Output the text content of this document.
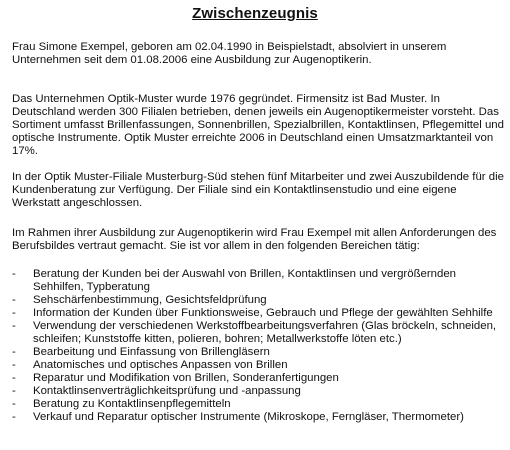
Zwischenzeugnis

Frau Simone Exempel, geboren am 02.04.1990 in Beispielstadt, absolviert in unserem Unternehmen seit dem 01.08.2006 eine Ausbildung zur Augenoptikerin.

Das Unternehmen Optik-Muster wurde 1976 gegründet. Firmensitz ist Bad Muster. In Deutschland werden 300 Filialen betrieben, denen jeweils ein Augenoptikermeister vorsteht. Das Sortiment umfasst Brillenfassungen, Sonnenbrillen, Spezialbrillen, Kontaktlinsen, Pflegemittel und optische Instrumente. Optik Muster erreichte 2006 in Deutschland einen Umsatzmarktanteil von 17%.

In der Optik Muster-Filiale Musterburg-Süd stehen fünf Mitarbeiter und zwei Auszubildende für die Kundenberatung zur Verfügung. Der Filiale sind ein Kontaktlinsenstudio und eine eigene Werkstatt angeschlossen.

Im Rahmen ihrer Ausbildung zur Augenoptikerin wird Frau Exempel mit allen Anforderungen des Berufsbildes vertraut gemacht. Sie ist vor allem in den folgenden Bereichen tätig:

- Beratung der Kunden bei der Auswahl von Brillen, Kontaktlinsen und vergrößernden Sehhilfen, Typberatung
- Sehschärfenbestimmung, Gesichtsfeldprüfung
- Information der Kunden über Funktionsweise, Gebrauch und Pflege der gewählten Sehhilfe
- Verwendung der verschiedenen Werkstoffbearbeitungsverfahren (Glas bröckeln, schneiden, schleifen; Kunststoffe kitten, polieren, bohren; Metallwerkstoffe löten etc.)
- Bearbeitung und Einfassung von Brillengläsern
- Anatomisches und optisches Anpassen von Brillen
- Reparatur und Modifikation von Brillen, Sonderanfertigungen
- Kontaktlinsenverträglichkeitsprüfung und -anpassung
- Beratung zu Kontaktlinsenpflegemitteln
- Verkauf und Reparatur optischer Instrumente (Mikroskope, Ferngläser, Thermometer)
